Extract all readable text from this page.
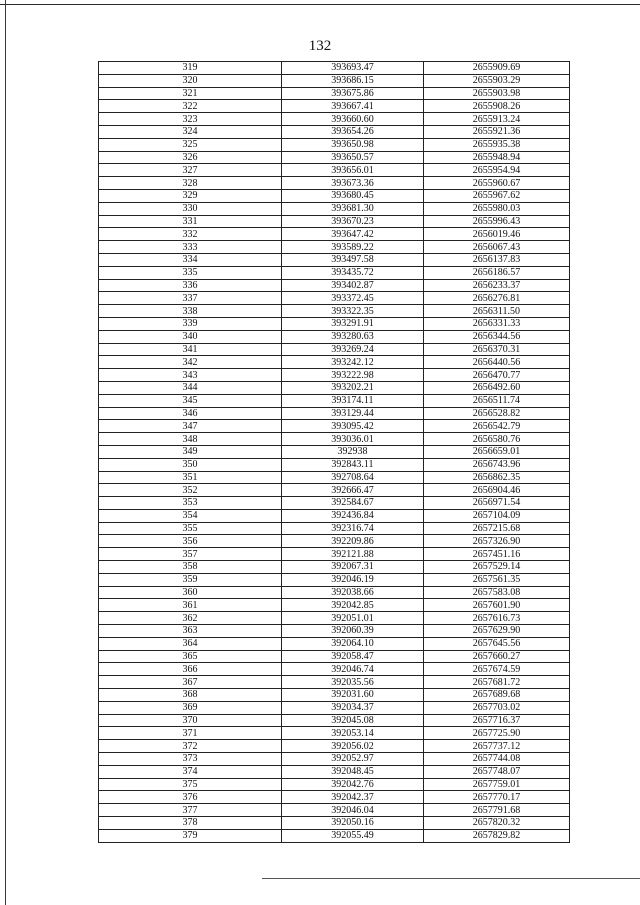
132
319	393693.47	2655909.69
320	393686.15	2655903.29
321	393675.86	2655903.98
322	393667.41	2655908.26
323	393660.60	2655913.24
324	393654.26	2655921.36
325	393650.98	2655935.38
326	393650.57	2655948.94
327	393656.01	2655954.94
328	393673.36	2655960.67
329	393680.45	2655967.62
330	393681.30	2655980.03
331	393670.23	2655996.43
332	393647.42	2656019.46
333	393589.22	2656067.43
334	393497.58	2656137.83
335	393435.72	2656186.57
336	393402.87	2656233.37
337	393372.45	2656276.81
338	393322.35	2656311.50
339	393291.91	2656331.33
340	393280.63	2656344.56
341	393269.24	2656370.31
342	393242.12	2656440.56
343	393222.98	2656470.77
344	393202.21	2656492.60
345	393174.11	2656511.74
346	393129.44	2656528.82
347	393095.42	2656542.79
348	393036.01	2656580.76
349	392938	2656659.01
350	392843.11	2656743.96
351	392708.64	2656862.35
352	392666.47	2656904.46
353	392584.67	2656971.54
354	392436.84	2657104.09
355	392316.74	2657215.68
356	392209.86	2657326.90
357	392121.88	2657451.16
358	392067.31	2657529.14
359	392046.19	2657561.35
360	392038.66	2657583.08
361	392042.85	2657601.90
362	392051.01	2657616.73
363	392060.39	2657629.90
364	392064.10	2657645.56
365	392058.47	2657660.27
366	392046.74	2657674.59
367	392035.56	2657681.72
368	392031.60	2657689.68
369	392034.37	2657703.02
370	392045.08	2657716.37
371	392053.14	2657725.90
372	392056.02	2657737.12
373	392052.97	2657744.08
374	392048.45	2657748.07
375	392042.76	2657759.01
376	392042.37	2657770.17
377	392046.04	2657791.68
378	392050.16	2657820.32
379	392055.49	2657829.82
